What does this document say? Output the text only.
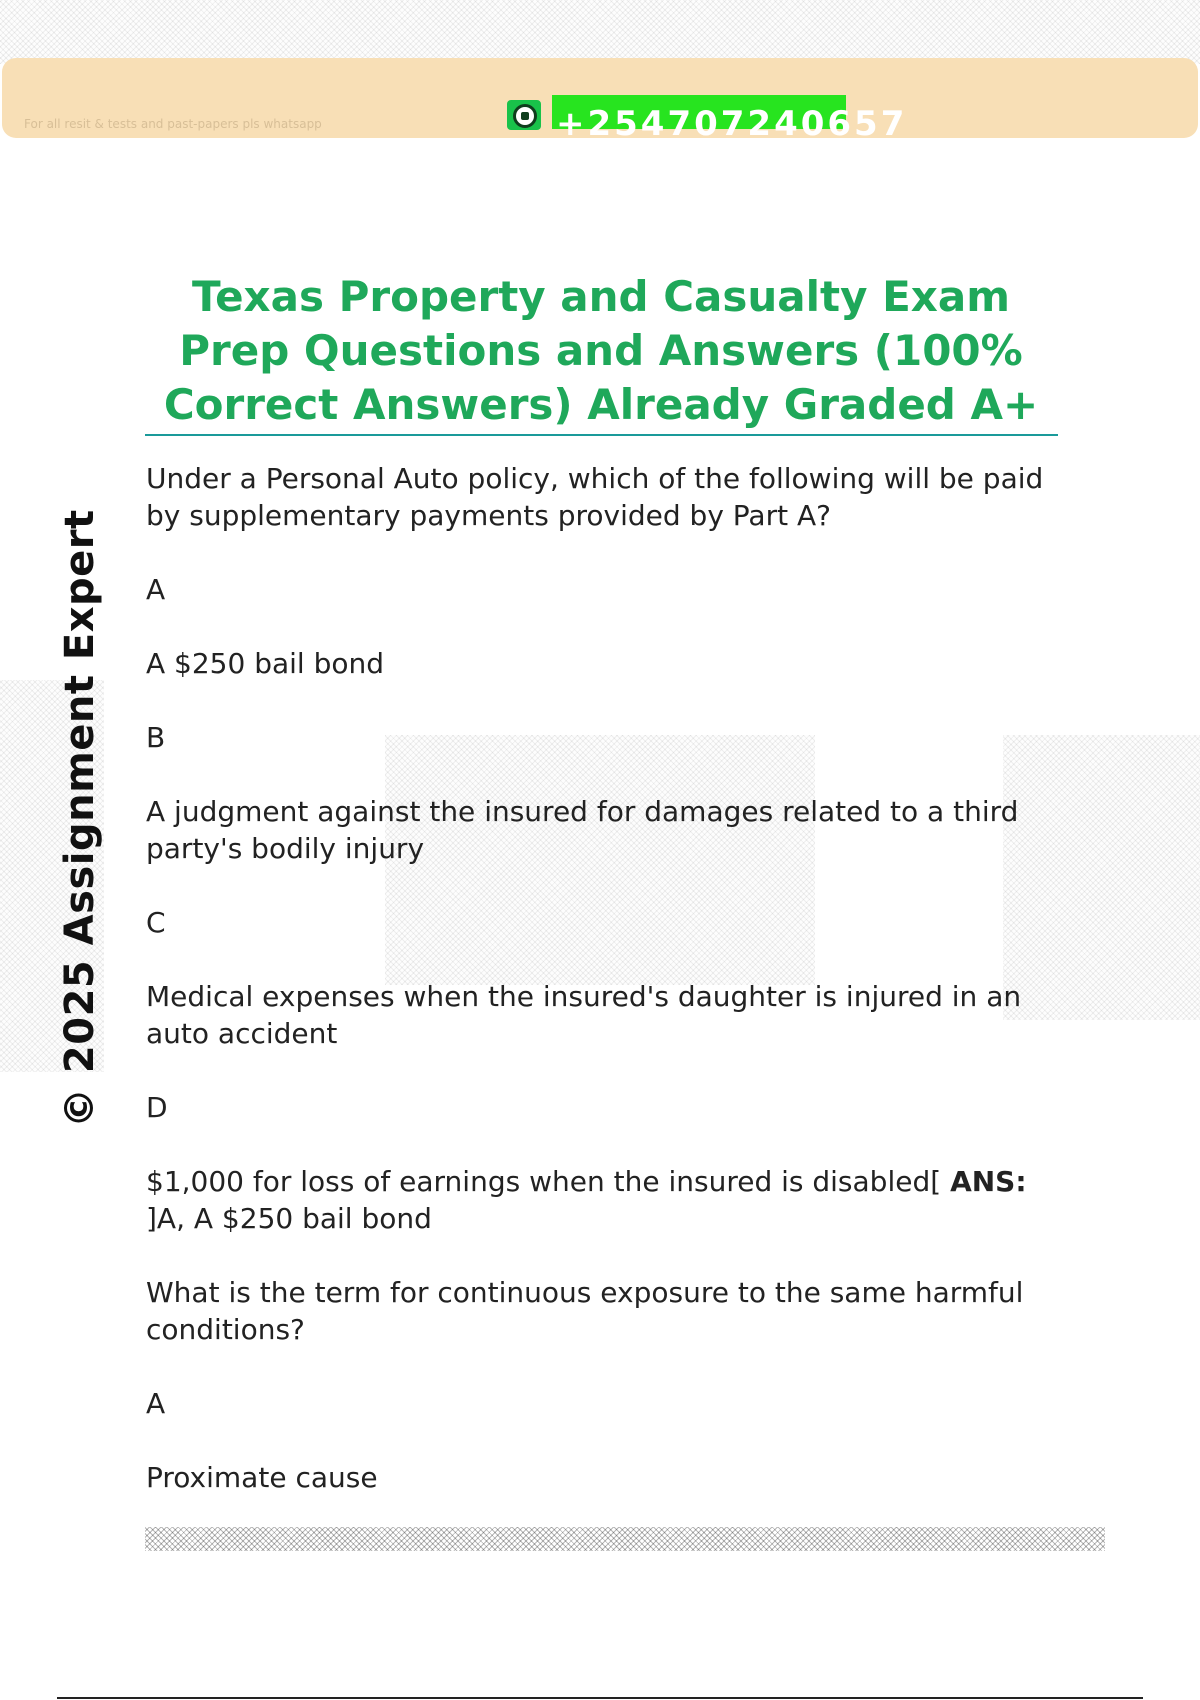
For all resit & tests and past-papers pls whatsapp	+254707240657
© 2025 Assignment Expert
Texas Property and Casualty Exam Prep Questions and Answers (100% Correct Answers) Already Graded A+

Under a Personal Auto policy, which of the following will be paid by supplementary payments provided by Part A?

A

A $250 bail bond

B

A judgment against the insured for damages related to a third party's bodily injury

C

Medical expenses when the insured's daughter is injured in an auto accident

D

$1,000 for loss of earnings when the insured is disabled[ ANS: ]A, A $250 bail bond

What is the term for continuous exposure to the same harmful conditions?

A

Proximate cause
